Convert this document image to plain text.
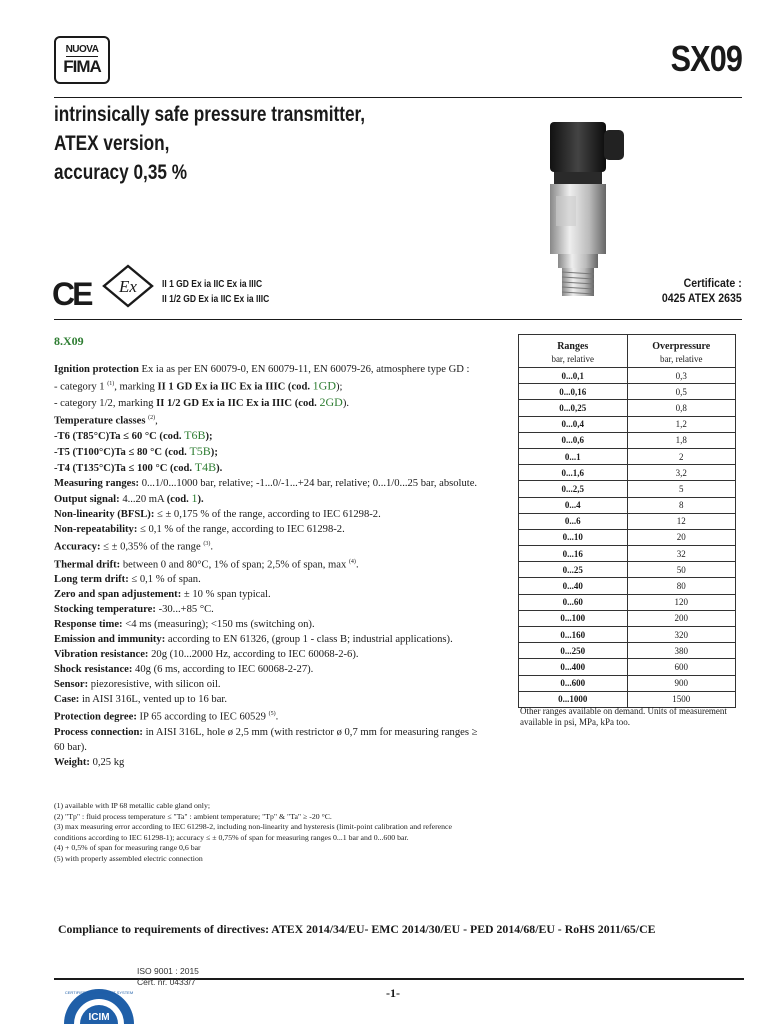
NUOVA
FIMA	SX09
intrinsically safe pressure transmitter,
ATEX version,
accuracy 0,35 %
CE Ex	II 1 GD Ex ia IIC Ex ia IIIC
II 1/2 GD Ex ia IIC Ex ia IIIC
Certificate :
0425 ATEX 2635
8.X09

Ignition protection Ex ia as per EN 60079-0, EN 60079-11, EN 60079-26, atmosphere type GD :

- category 1 $^{(1)}$, marking II 1 GD Ex ia IIC Ex ia IIIC (cod. 1GD);

- category 1/2, marking II 1/2 GD Ex ia IIC Ex ia IIIC (cod. 2GD).

Temperature classes $^{(2)}$,

-T6 (T85°C)Ta ≤ 60 °C (cod. T6B);

-T5 (T100°C)Ta ≤ 80 °C (cod. T5B);

-T4 (T135°C)Ta ≤ 100 °C (cod. T4B).

Measuring ranges: 0...1/0...1000 bar, relative; -1...0/-1...+24 bar, relative; 0...1/0...25 bar, absolute.

Output signal: 4...20 mA (cod. 1).

Non-linearity (BFSL): ≤ ± 0,175 % of the range, according to IEC 61298-2.

Non-repeatability: ≤ 0,1 % of the range, according to IEC 61298-2.

Accuracy: ≤ ± 0,35% of the range $^{(3)}$.

Thermal drift: between 0 and 80°C, 1% of span; 2,5% of span, max $^{(4)}$.

Long term drift: ≤ 0,1 % of span.

Zero and span adjustement: ± 10 % span typical.

Stocking temperature: -30...+85 °C.

Response time: <4 ms (measuring); <150 ms (switching on).

Emission and immunity: according to EN 61326, (group 1 - class B; industrial applications).

Vibration resistance: 20g (10...2000 Hz, according to IEC 60068-2-6).

Shock resistance: 40g (6 ms, according to IEC 60068-2-27).

Sensor: piezoresistive, with silicon oil.

Case: in AISI 316L, vented up to 16 bar.

Protection degree: IP 65 according to IEC 60529 $^{(5)}$.

Process connection: in AISI 316L, hole ø 2,5 mm (with restrictor ø 0,7 mm for measuring ranges ≥ 60 bar).

Weight: 0,25 kg

(1) available with IP 68 metallic cable gland only;

(2) "Tp" : fluid process temperature ≤ "Ta" : ambient temperature; "Tp" & "Ta" ≥ -20 °C.

(3) max measuring error according to IEC 61298-2, including non-linearity and hysteresis (limit-point calibration and reference conditions according to IEC 61298-1); accuracy ≤ ± 0,75% of span for measuring ranges 0...1 bar and 0...600 bar.

(4) + 0,5% of span for measuring range 0,6 bar

(5) with properly assembled electric connection

Ranges
bar, relative	Overpressure
bar, relative

0...0,1	0,3
0...0,16	0,5
0...0,25	0,8
0...0,4	1,2
0...0,6	1,8
0...1	2
0...1,6	3,2
0...2,5	5
0...4	8
0...6	12
0...10	20
0...16	32
0...25	50
0...40	80
0...60	120
0...100	200
0...160	320
0...250	380
0...400	600
0...600	900
0...1000	1500
Other ranges available on demand. Units of measurement available in psi, MPa, kPa too.
Compliance to requirements of directives: ATEX 2014/34/EU- EMC 2014/30/EU - PED 2014/68/EU - RoHS 2011/65/CE
ICIM
CERTIFIED MANAGEMENT SYSTEM
ISO 9001 : 2015
Cert. nr. 0433/7
-1-
